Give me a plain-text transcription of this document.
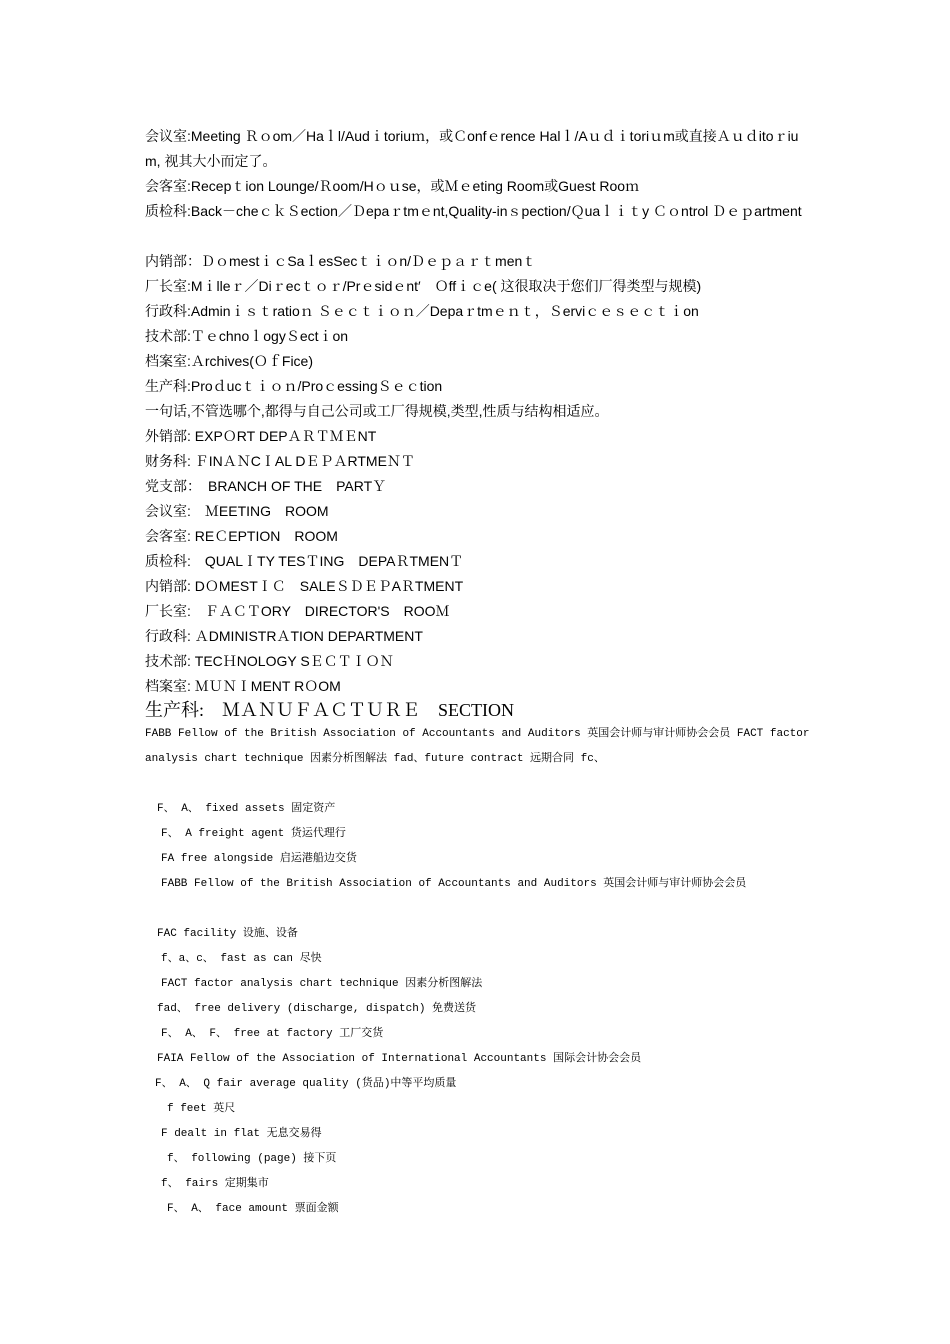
会议室:Meeting Ｒｏom／Haｌl/Audｉtoriuｍ，或Ｃonfｅrence Halｌ/Aｕｄｉtoriｕm或直接Ａｕｄitoｒium, 视其大小而定了。
会客室:Recepｔion Lounge/Ｒoom/Hｏｕse，或Ｍｅeting Room或Guest Rooｍ
质检科:Back－cheｃｋＳection／Ｄepaｒtmｅnt,Quality-inｓpection/Ｑuaｌｉｔy Ｃｏntrol Ｄｅｐartment
内销部：ＤｏmestｉｃSaｌesSecｔｉｏn/Ｄｅｐａｒｔmenｔ
厂长室:Mｉlleｒ／Diｒecｔｏｒ/Prｅsidｅnt′　Ｏffｉｃe( 这很取决于您们厂得类型与规模)
行政科:Adminｉｓｔratioｎ Ｓｅｃｔｉｏｎ／Depaｒtmｅｎｔ，Ｓerviｃｅｓｅｃｔｉon
技术部:ＴｅchnoｌogyＳectｉon
档案室:Ａrchives(ＯｆFice)
生产科:Proｄucｔｉｏｎ/ProｃessingＳｅｃtion
一句话,不管选哪个,都得与自己公司或工厂得规模,类型,性质与结构相适应。
外销部: EXPＯRT DEPＡＲＴＭＥNT
财务科: ＦINＡＮCＩAL DＥＰＡRTMEＮＴ
党支部：　BRANCH OF THE　PARTＹ
会议室:　ＭEETING　ROOM
会客室: REＣEPTION　ROOM
质检科:　QUALＩTY TESＴING　DEPAＲTMENＴ
内销部: DＯMESTＩＣ　SALEＳＤＥＰAＲTMENT
厂长室:　ＦＡＣＴORY　DIRECTOR'S　ROOＭ
行政科: ＡDMINISTRＡTION DEPARTMENT
技术部: TECＨNOLOGY SＥＣＴＩＯＮ
档案室: ＭＵＮＩMENT RＯOM
生产科:　ＭＡＮＵＦＡＣＴＵＲＥ　SECTION
FABB Fellow of the British Association of Accountants and Auditors 英国会计师与审计师协会会员 FACT factor analysis chart technique 因素分析图解法 fad、future contract 远期合同 fc、
F、 A、 fixed assets 固定资产
F、 A freight agent 货运代理行
FA free alongside 启运港船边交货
FABB Fellow of the British Association of Accountants and Auditors 英国会计师与审计师协会会员
FAC facility 设施、设备
f、a、c、 fast as can 尽快
FACT factor analysis chart technique 因素分析图解法
fad、 free delivery (discharge, dispatch) 免费送货
F、 A、 F、 free at factory 工厂交货
FAIA Fellow of the Association of International Accountants 国际会计协会会员
F、 A、 Q fair average quality (货品)中等平均质量
f feet 英尺
F dealt in flat 无息交易得
f、 following (page) 接下页
f、 fairs 定期集市
F、 A、 face amount 票面金额
